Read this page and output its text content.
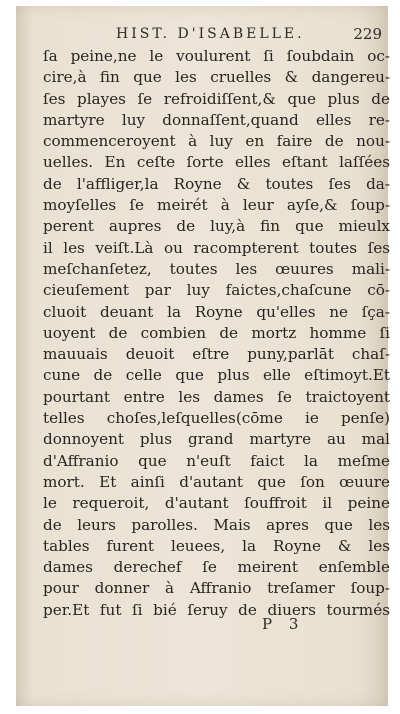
HIST. D'ISABELLE.	229
ſa peine,ne le voulurent ſi ſoubdain oc-
cire,à fin que les cruelles & dangereu-
ſes playes ſe refroidiſſent,& que plus de
martyre luy donnaſſent,quand elles re-
commenceroyent à luy en faire de nou-
uelles. En ceſte ſorte elles eſtant laſſées
de l'affliger,la Royne & toutes ſes da-
moyſelles ſe meirét à leur ayſe,& ſoup-
perent aupres de luy,à fin que mieulx
il les veiſt.Là ou racompterent toutes ſes
meſchanſetez, toutes les œuures mali-
cieuſement par luy faictes,chaſcune cō-
cluoit deuant la Royne qu'elles ne ſça-
uoyent de combien de mortz homme ſi
mauuais deuoit eſtre puny,parlāt chaſ-
cune de celle que plus elle eſtimoyt.Et
pourtant entre les dames ſe traictoyent
telles choſes,leſquelles(cōme ie penſe)
donnoyent plus grand martyre au mal
d'Affranio que n'euſt faict la meſme
mort. Et ainſi d'autant que ſon œuure
le requeroit, d'autant ſouffroit il peine
de leurs parolles. Mais apres que les
tables furent leuees, la Royne & les
dames derechef ſe meirent enſemble
pour donner à Affranio treſamer ſoup-
per.Et fut ſi bié ſeruy de diuers tourmés
P 3
